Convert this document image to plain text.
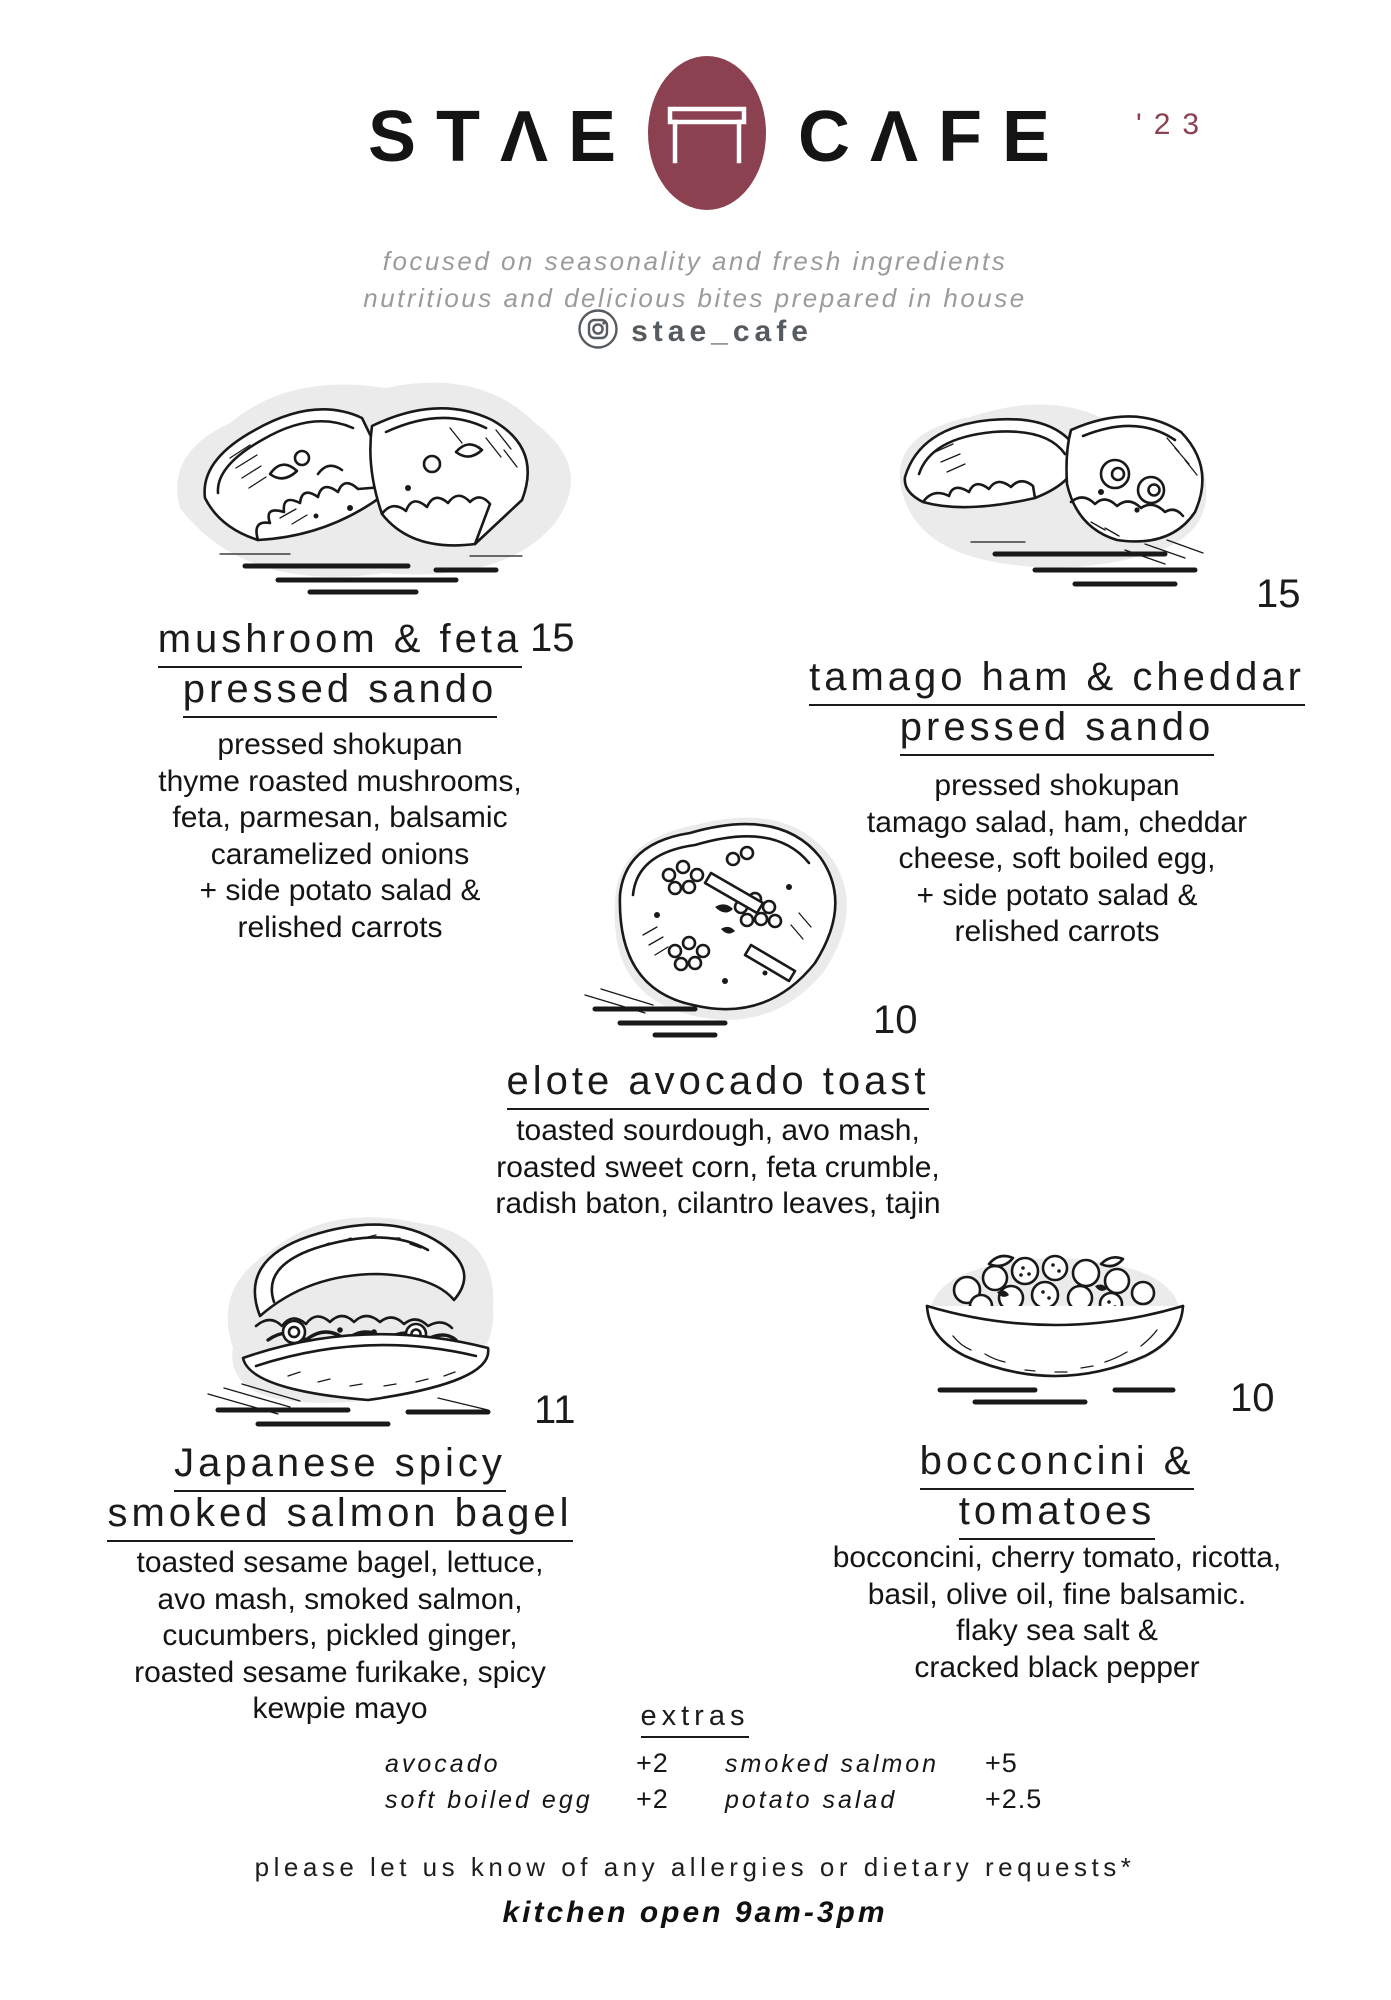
STΛE CΛFE '23
focused on seasonality and fresh ingredients
nutritious and delicious bites prepared in house
stae_cafe
15
mushroom & feta
pressed sando
pressed shokupan
thyme roasted mushrooms,
feta, parmesan, balsamic
caramelized onions
+ side potato salad &
relished carrots
15
tamago ham & cheddar
pressed sando
pressed shokupan
tamago salad, ham, cheddar
cheese, soft boiled egg,
+ side potato salad &
relished carrots
10
elote avocado toast
toasted sourdough, avo mash,
roasted sweet corn, feta crumble,
radish baton, cilantro leaves, tajin
11
Japanese spicy
smoked salmon bagel
toasted sesame bagel, lettuce,
avo mash, smoked salmon,
cucumbers, pickled ginger,
roasted sesame furikake, spicy
kewpie mayo
10
bocconcini &
tomatoes
bocconcini, cherry tomato, ricotta,
basil, olive oil, fine balsamic.
flaky sea salt &
cracked black pepper
extras
avocado	+2
soft boiled egg +2
smoked salmon +5
potato salad	+2.5
please let us know of any allergies or dietary requests*
kitchen open 9am-3pm
